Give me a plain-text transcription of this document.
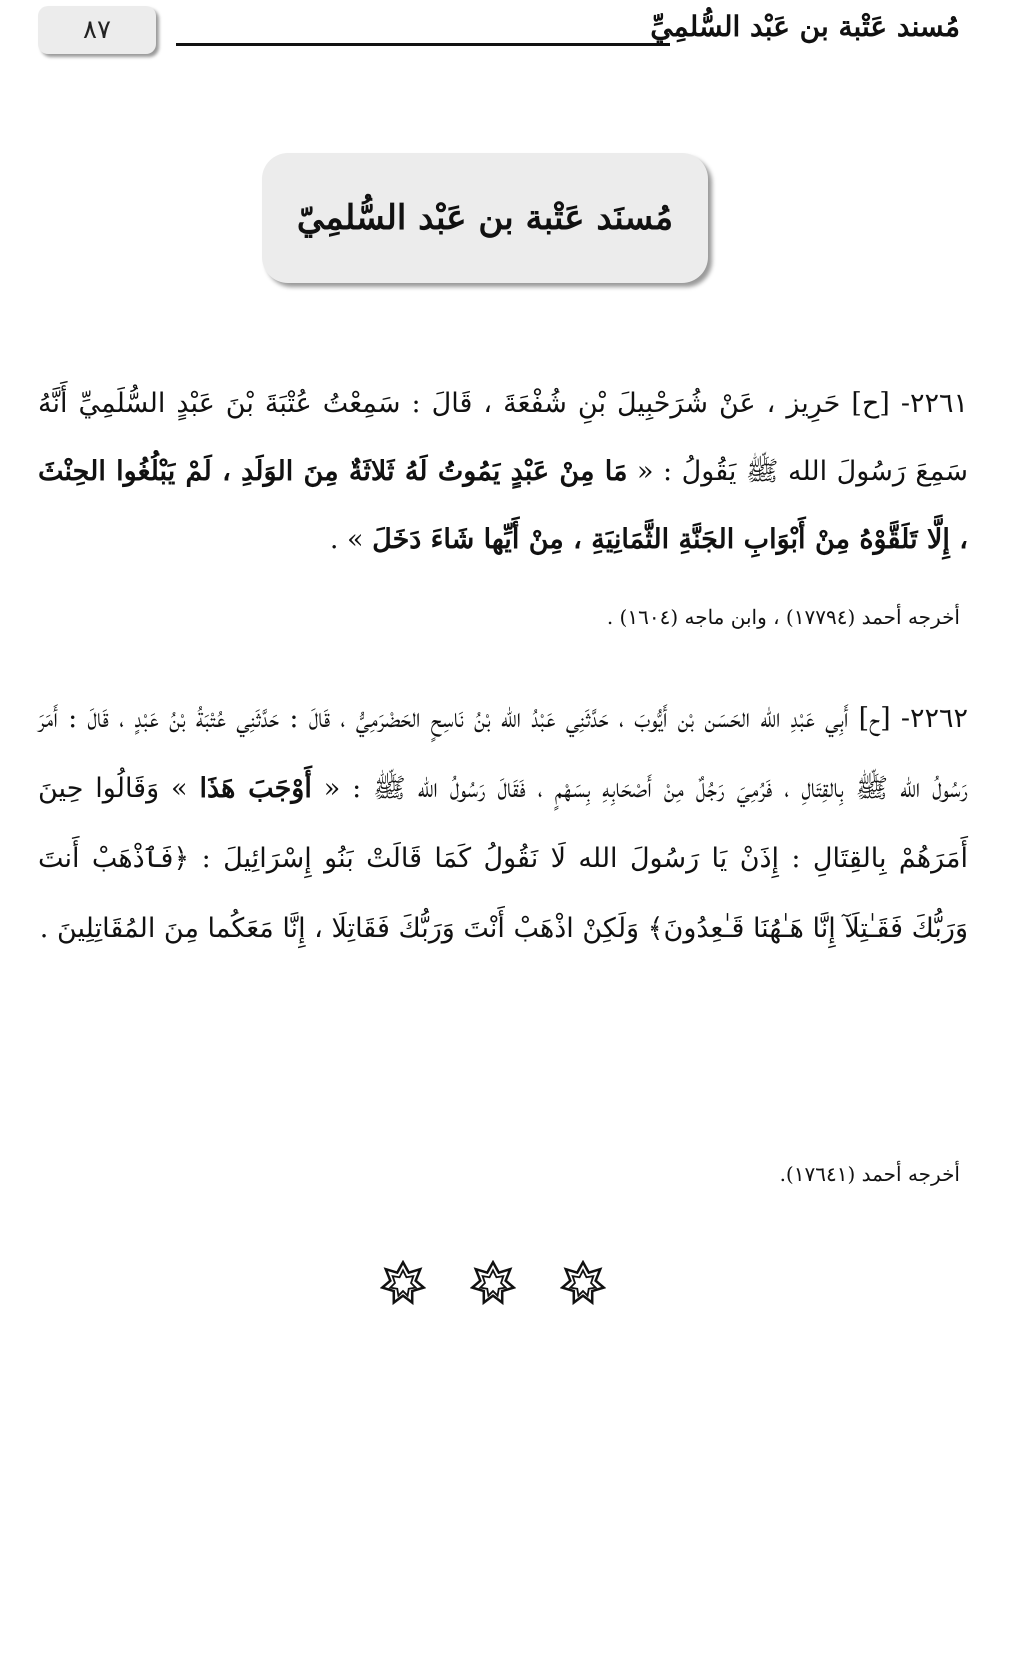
٨٧	مُسند عَتْبة بن عَبْد السُّلمِيِّ
مُسنَد عَتْبة بن عَبْد السُّلمِيّ

٢٢٦١- [ح] حَرِيز ، عَنْ شُرَحْبِيلَ بْنِ شُفْعَةَ ، قَالَ : سَمِعْتُ عُتْبَةَ بْنَ عَبْدٍ السُّلَمِيِّ أَنَّهُ سَمِعَ رَسُولَ الله ﷺ يَقُولُ : « مَا مِنْ عَبْدٍ يَمُوتُ لَهُ ثَلاثَةٌ مِنَ الوَلَدِ ، لَمْ يَبْلُغُوا الحِنْثَ ، إِلَّا تَلَقَّوْهُ مِنْ أَبْوَابِ الجَنَّةِ الثَّمَانِيَةِ ، مِنْ أَيِّها شَاءَ دَخَلَ » .

أخرجه أحمد (١٧٧٩٤) ، وابن ماجه (١٦٠٤) .

٢٢٦٢- [ح] أَبِي عَبْدِ الله الحَسَن بْن أَيُّوبَ ، حَدَّثَنِي عَبْدُ الله بْنُ نَاسِحٍ الحَضْرَمِيُّ ، قَالَ : حَدَّثَنِي عُتْبَةُ بْنُ عَبْدٍ ، قَالَ : أَمَرَ رَسُولُ الله ﷺ بِالقِتَالِ ، فَرُمِيَ رَجُلٌ مِنْ أَصْحَابِهِ بِسَهْمٍ ، فَقَالَ رَسُولُ الله ﷺ : « أَوْجَبَ هَذَا » وَقَالُوا حِينَ أَمَرَهُمْ بِالقِتَالِ : إِذَنْ يَا رَسُولَ الله لَا نَقُولُ كَمَا قَالَتْ بَنُو إِسْرَائِيلَ : ﴿فَٱذْهَبْ أَنتَ وَرَبُّكَ فَقَـٰتِلَآ إِنَّا هَـٰهُنَا قَـٰعِدُونَ﴾ وَلَكِنْ اذْهَبْ أَنْتَ وَرَبُّكَ فَقَاتِلَا ، إِنَّا مَعَكُما مِنَ المُقَاتِلِينَ .

أخرجه أحمد (١٧٦٤١).
